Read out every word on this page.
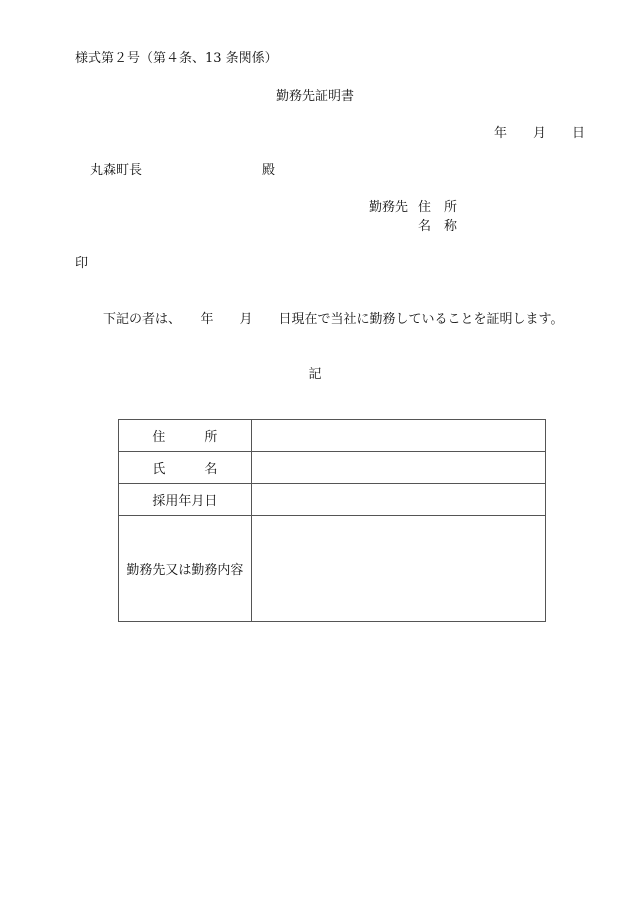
様式第２号（第４条、13 条関係）
勤務先証明書
年 月 日
丸森町長	殿
勤務先 住　所
名　称
印
下記の者は、　　年　　月　　日現在で当社に勤務していることを証明します。
記
住　　　所	
氏　　　名	
採用年月日	
勤務先又は勤務内容	
